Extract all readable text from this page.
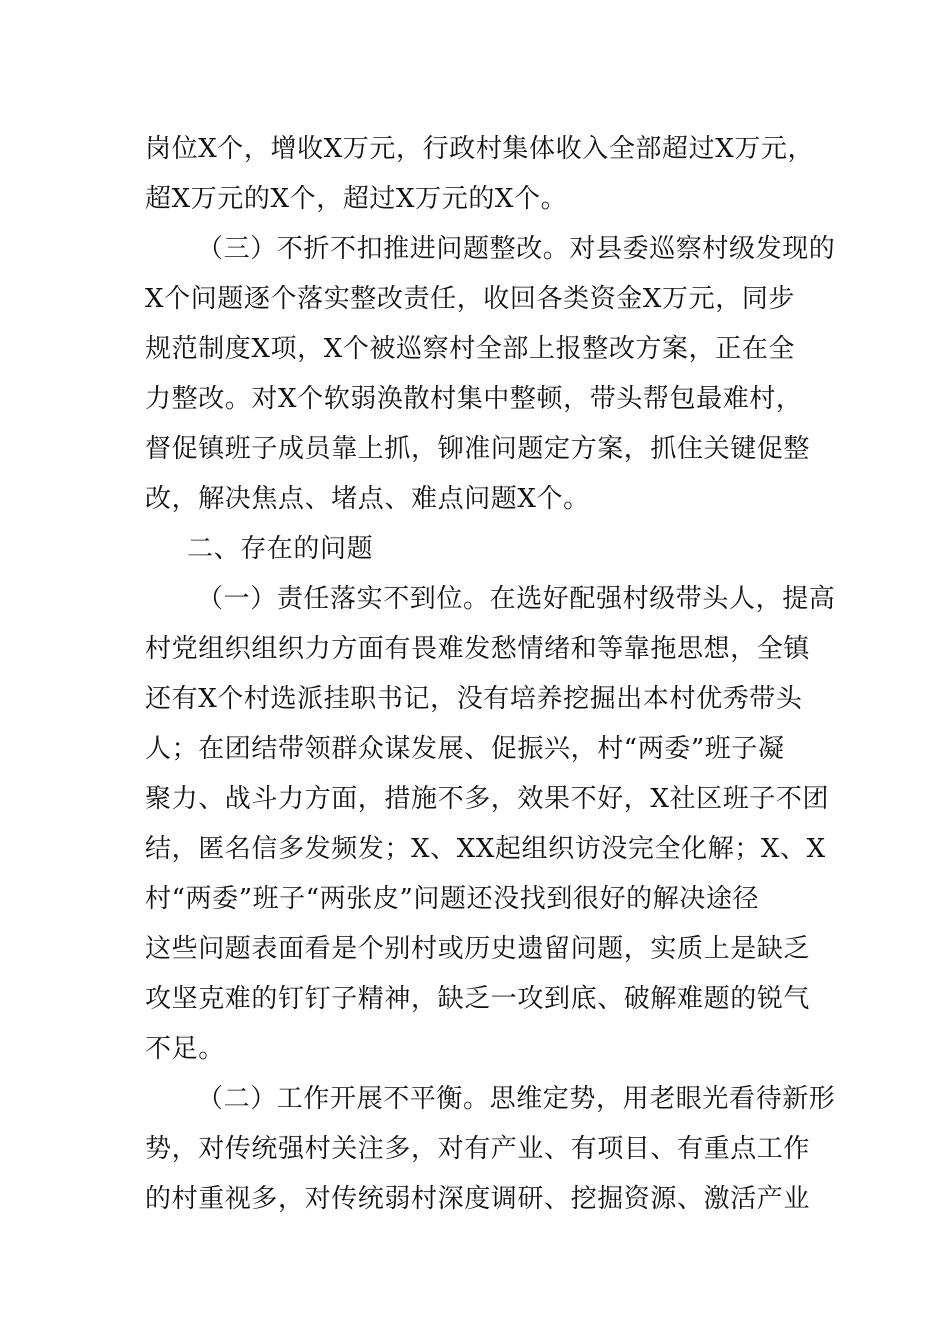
岗位X个，增收X万元，行政村集体收入全部超过X万元，
超X万元的X个，超过X万元的X个。
（三）不折不扣推进问题整改。对县委巡察村级发现的
X个问题逐个落实整改责任，收回各类资金X万元，同步
规范制度X项，X个被巡察村全部上报整改方案，正在全
力整改。对X个软弱涣散村集中整顿，带头帮包最难村，
督促镇班子成员靠上抓，铆准问题定方案，抓住关键促整
改，解决焦点、堵点、难点问题X个。
二、存在的问题
（一）责任落实不到位。在选好配强村级带头人，提高
村党组织组织力方面有畏难发愁情绪和等靠拖思想，全镇
还有X个村选派挂职书记，没有培养挖掘出本村优秀带头
人；在团结带领群众谋发展、促振兴，村“两委”班子凝
聚力、战斗力方面，措施不多，效果不好，X社区班子不团
结，匿名信多发频发；X、XX起组织访没完全化解；X、X
村“两委”班子“两张皮”问题还没找到很好的解决途径
这些问题表面看是个别村或历史遗留问题，实质上是缺乏
攻坚克难的钉钉子精神，缺乏一攻到底、破解难题的锐气
不足。
（二）工作开展不平衡。思维定势，用老眼光看待新形
势，对传统强村关注多，对有产业、有项目、有重点工作
的村重视多，对传统弱村深度调研、挖掘资源、激活产业
